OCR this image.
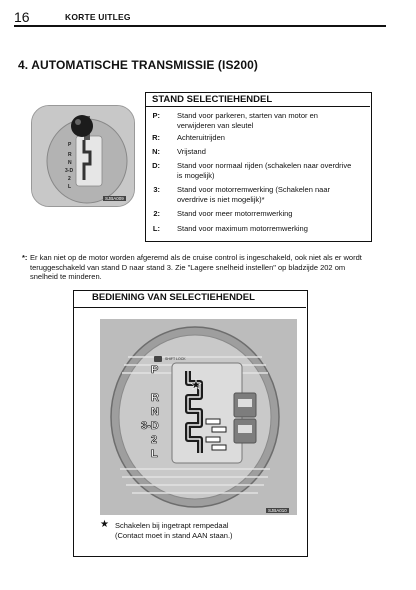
16	KORTE UITLEG
4. AUTOMATISCHE TRANSMISSIE (IS200)
P
R
N
3-D
2
L
SJBA009
STAND SELECTIEHENDEL
P: Stand voor parkeren, starten van motor en verwijderen van sleutel
R: Achteruitrijden
N: Vrijstand
D: Stand voor normaal rijden (schakelen naar overdrive is mogelijk)
3: Stand voor motorremwerking (Schakelen naar overdrive is niet mogelijk)*
2: Stand voor meer motorremwerking
L: Stand voor maximum motorremwerking
*: Er kan niet op de motor worden afgeremd als de cruise control is ingeschakeld, ook niet als er wordt teruggeschakeld van stand D naar stand 3. Zie "Lagere snelheid instellen" op bladzijde 202 om snelheid te minderen.
BEDIENING VAN SELECTIEHENDEL
★
SHIFT LOCK
P
R
N
3-D
2
L
SJBA010
★ Schakelen bij ingetrapt rempedaal
(Contact moet in stand AAN staan.)
